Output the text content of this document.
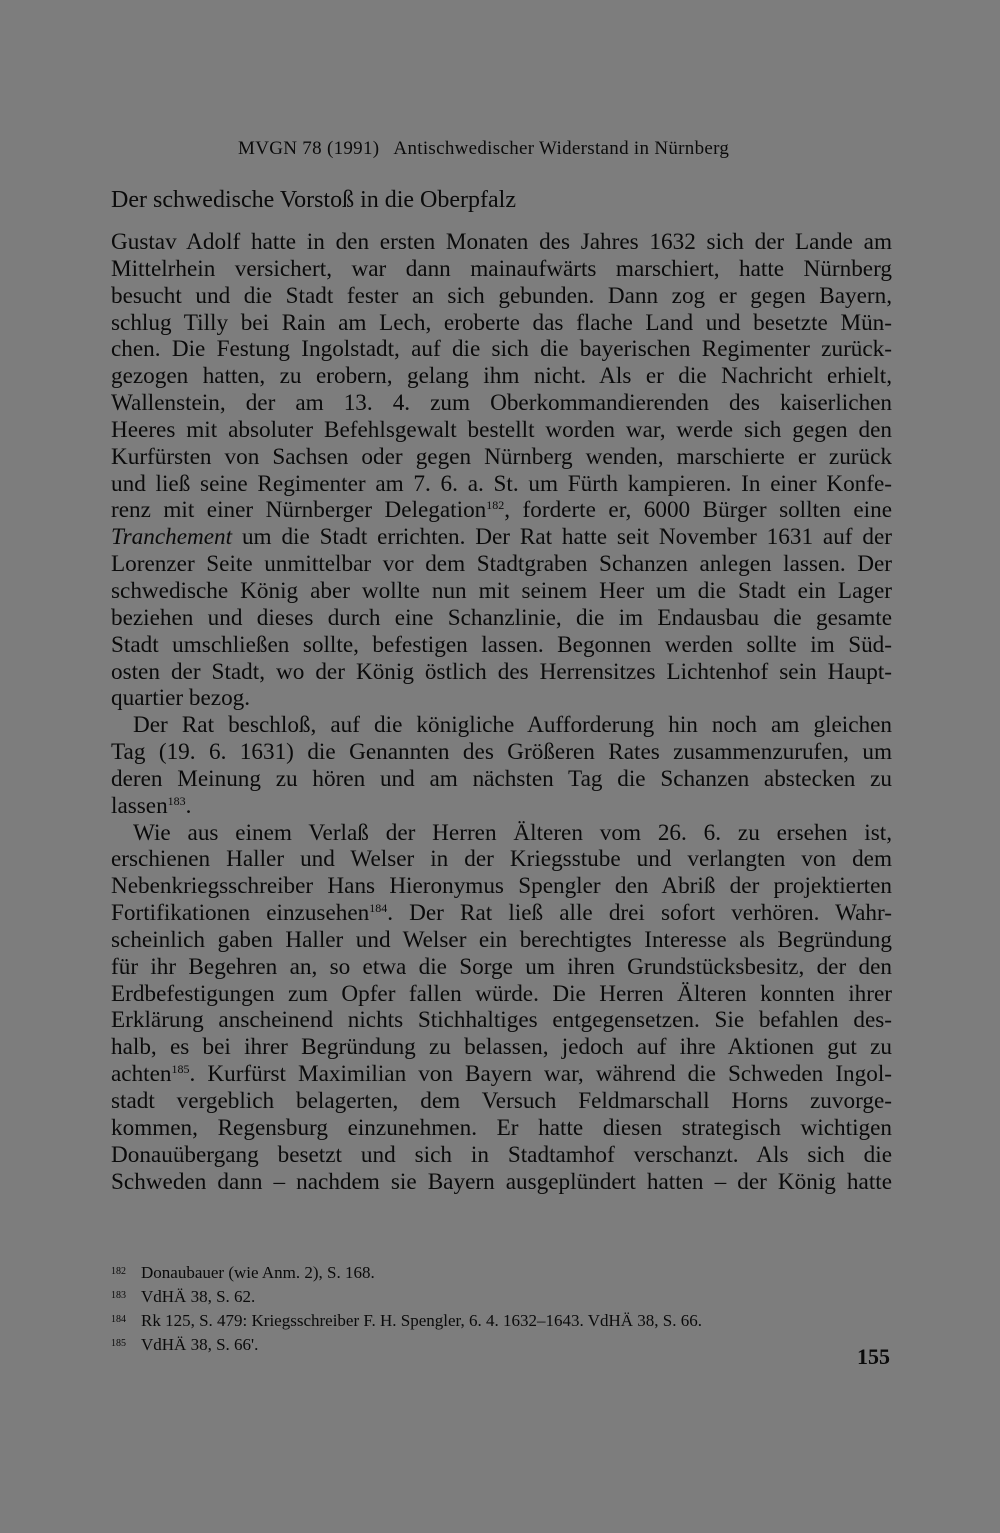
MVGN 78 (1991) Antischwedischer Widerstand in Nürnberg
Der schwedische Vorstoß in die Oberpfalz
Gustav Adolf hatte in den ersten Monaten des Jahres 1632 sich der Lande am
Mittelrhein versichert, war dann mainaufwärts marschiert, hatte Nürnberg
besucht und die Stadt fester an sich gebunden. Dann zog er gegen Bayern,
schlug Tilly bei Rain am Lech, eroberte das flache Land und besetzte Mün-
chen. Die Festung Ingolstadt, auf die sich die bayerischen Regimenter zurück-
gezogen hatten, zu erobern, gelang ihm nicht. Als er die Nachricht erhielt,
Wallenstein, der am 13. 4. zum Oberkommandierenden des kaiserlichen
Heeres mit absoluter Befehlsgewalt bestellt worden war, werde sich gegen den
Kurfürsten von Sachsen oder gegen Nürnberg wenden, marschierte er zurück
und ließ seine Regimenter am 7. 6. a. St. um Fürth kampieren. In einer Konfe-
renz mit einer Nürnberger Delegation$^{182}$, forderte er, 6000 Bürger sollten eine
Tranchement um die Stadt errichten. Der Rat hatte seit November 1631 auf der
Lorenzer Seite unmittelbar vor dem Stadtgraben Schanzen anlegen lassen. Der
schwedische König aber wollte nun mit seinem Heer um die Stadt ein Lager
beziehen und dieses durch eine Schanzlinie, die im Endausbau die gesamte
Stadt umschließen sollte, befestigen lassen. Begonnen werden sollte im Süd-
osten der Stadt, wo der König östlich des Herrensitzes Lichtenhof sein Haupt-
quartier bezog.
Der Rat beschloß, auf die königliche Aufforderung hin noch am gleichen
Tag (19. 6. 1631) die Genannten des Größeren Rates zusammenzurufen, um
deren Meinung zu hören und am nächsten Tag die Schanzen abstecken zu
lassen$^{183}$.
Wie aus einem Verlaß der Herren Älteren vom 26. 6. zu ersehen ist,
erschienen Haller und Welser in der Kriegsstube und verlangten von dem
Nebenkriegsschreiber Hans Hieronymus Spengler den Abriß der projektierten
Fortifikationen einzusehen$^{184}$. Der Rat ließ alle drei sofort verhören. Wahr-
scheinlich gaben Haller und Welser ein berechtigtes Interesse als Begründung
für ihr Begehren an, so etwa die Sorge um ihren Grundstücksbesitz, der den
Erdbefestigungen zum Opfer fallen würde. Die Herren Älteren konnten ihrer
Erklärung anscheinend nichts Stichhaltiges entgegensetzen. Sie befahlen des-
halb, es bei ihrer Begründung zu belassen, jedoch auf ihre Aktionen gut zu
achten$^{185}$. Kurfürst Maximilian von Bayern war, während die Schweden Ingol-
stadt vergeblich belagerten, dem Versuch Feldmarschall Horns zuvorge-
kommen, Regensburg einzunehmen. Er hatte diesen strategisch wichtigen
Donauübergang besetzt und sich in Stadtamhof verschanzt. Als sich die
Schweden dann – nachdem sie Bayern ausgeplündert hatten – der König hatte
182 Donaubauer (wie Anm. 2), S. 168.
183 VdHÄ 38, S. 62.
184 Rk 125, S. 479: Kriegsschreiber F. H. Spengler, 6. 4. 1632–1643. VdHÄ 38, S. 66.
185 VdHÄ 38, S. 66'.	155
